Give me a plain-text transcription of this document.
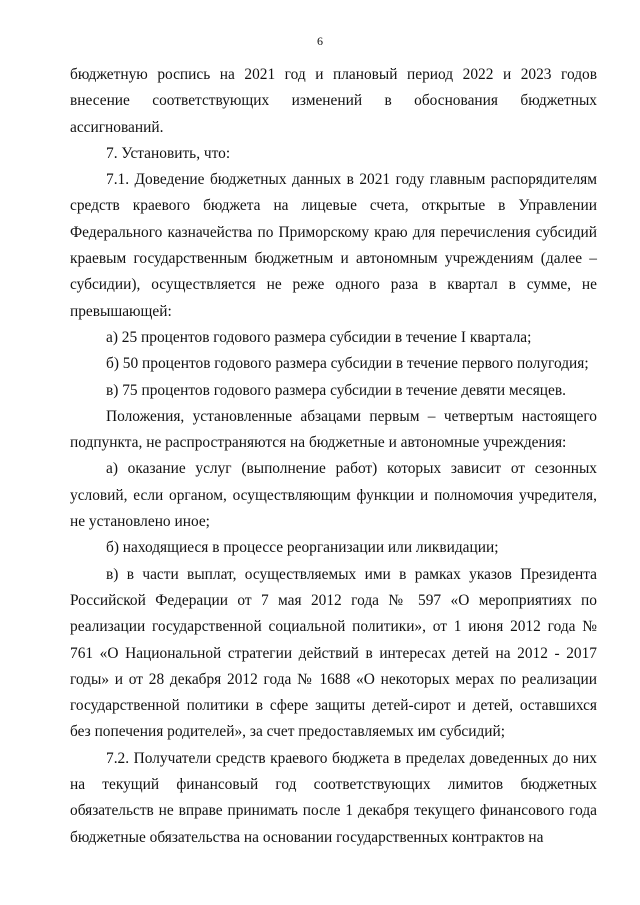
6

бюджетную роспись на 2021 год и плановый период 2022 и 2023 годов внесение соответствующих изменений в обоснования бюджетных ассигнований.

7. Установить, что:

7.1. Доведение бюджетных данных в 2021 году главным распорядителям средств краевого бюджета на лицевые счета, открытые в Управлении Федерального казначейства по Приморскому краю для перечисления субсидий краевым государственным бюджетным и автономным учреждениям (далее – субсидии), осуществляется не реже одного раза в квартал в сумме, не превышающей:

а) 25 процентов годового размера субсидии в течение I квартала;

б) 50 процентов годового размера субсидии в течение первого полугодия;

в) 75 процентов годового размера субсидии в течение девяти месяцев.

Положения, установленные абзацами первым – четвертым настоящего подпункта, не распространяются на бюджетные и автономные учреждения:

а) оказание услуг (выполнение работ) которых зависит от сезонных условий, если органом, осуществляющим функции и полномочия учредителя, не установлено иное;

б) находящиеся в процессе реорганизации или ликвидации;

в) в части выплат, осуществляемых ими в рамках указов Президента Российской Федерации от 7 мая 2012 года № 597 «О мероприятиях по реализации государственной социальной политики», от 1 июня 2012 года № 761 «О Национальной стратегии действий в интересах детей на 2012 - 2017 годы» и от 28 декабря 2012 года № 1688 «О некоторых мерах по реализации государственной политики в сфере защиты детей-сирот и детей, оставшихся без попечения родителей», за счет предоставляемых им субсидий;

7.2. Получатели средств краевого бюджета в пределах доведенных до них на текущий финансовый год соответствующих лимитов бюджетных обязательств не вправе принимать после 1 декабря текущего финансового года бюджетные обязательства на основании государственных контрактов на
